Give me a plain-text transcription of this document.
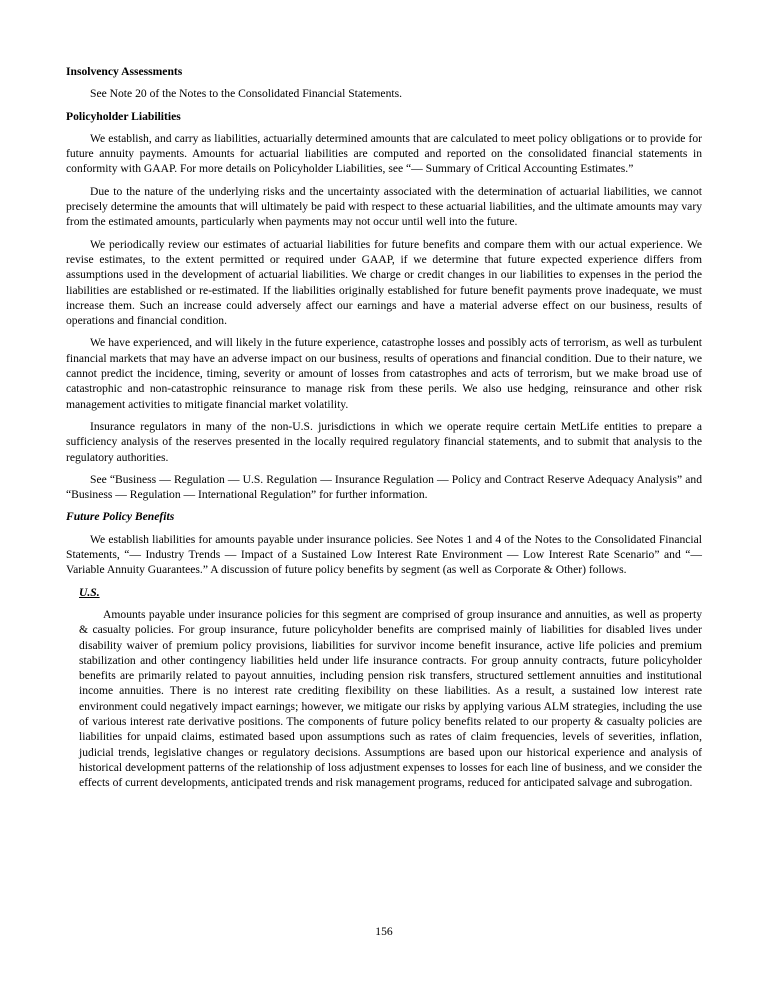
Insolvency Assessments

See Note 20 of the Notes to the Consolidated Financial Statements.

Policyholder Liabilities

We establish, and carry as liabilities, actuarially determined amounts that are calculated to meet policy obligations or to provide for future annuity payments. Amounts for actuarial liabilities are computed and reported on the consolidated financial statements in conformity with GAAP. For more details on Policyholder Liabilities, see “— Summary of Critical Accounting Estimates.”

Due to the nature of the underlying risks and the uncertainty associated with the determination of actuarial liabilities, we cannot precisely determine the amounts that will ultimately be paid with respect to these actuarial liabilities, and the ultimate amounts may vary from the estimated amounts, particularly when payments may not occur until well into the future.

We periodically review our estimates of actuarial liabilities for future benefits and compare them with our actual experience. We revise estimates, to the extent permitted or required under GAAP, if we determine that future expected experience differs from assumptions used in the development of actuarial liabilities. We charge or credit changes in our liabilities to expenses in the period the liabilities are established or re-estimated. If the liabilities originally established for future benefit payments prove inadequate, we must increase them. Such an increase could adversely affect our earnings and have a material adverse effect on our business, results of operations and financial condition.

We have experienced, and will likely in the future experience, catastrophe losses and possibly acts of terrorism, as well as turbulent financial markets that may have an adverse impact on our business, results of operations and financial condition. Due to their nature, we cannot predict the incidence, timing, severity or amount of losses from catastrophes and acts of terrorism, but we make broad use of catastrophic and non-catastrophic reinsurance to manage risk from these perils. We also use hedging, reinsurance and other risk management activities to mitigate financial market volatility.

Insurance regulators in many of the non-U.S. jurisdictions in which we operate require certain MetLife entities to prepare a sufficiency analysis of the reserves presented in the locally required regulatory financial statements, and to submit that analysis to the regulatory authorities.

See “Business — Regulation — U.S. Regulation — Insurance Regulation — Policy and Contract Reserve Adequacy Analysis” and “Business — Regulation — International Regulation” for further information.

Future Policy Benefits

We establish liabilities for amounts payable under insurance policies. See Notes 1 and 4 of the Notes to the Consolidated Financial Statements, “— Industry Trends — Impact of a Sustained Low Interest Rate Environment — Low Interest Rate Scenario” and “— Variable Annuity Guarantees.” A discussion of future policy benefits by segment (as well as Corporate & Other) follows.

U.S.

Amounts payable under insurance policies for this segment are comprised of group insurance and annuities, as well as property & casualty policies. For group insurance, future policyholder benefits are comprised mainly of liabilities for disabled lives under disability waiver of premium policy provisions, liabilities for survivor income benefit insurance, active life policies and premium stabilization and other contingency liabilities held under life insurance contracts. For group annuity contracts, future policyholder benefits are primarily related to payout annuities, including pension risk transfers, structured settlement annuities and institutional income annuities. There is no interest rate crediting flexibility on these liabilities. As a result, a sustained low interest rate environment could negatively impact earnings; however, we mitigate our risks by applying various ALM strategies, including the use of various interest rate derivative positions. The components of future policy benefits related to our property & casualty policies are liabilities for unpaid claims, estimated based upon assumptions such as rates of claim frequencies, levels of severities, inflation, judicial trends, legislative changes or regulatory decisions. Assumptions are based upon our historical experience and analysis of historical development patterns of the relationship of loss adjustment expenses to losses for each line of business, and we consider the effects of current developments, anticipated trends and risk management programs, reduced for anticipated salvage and subrogation.

156
